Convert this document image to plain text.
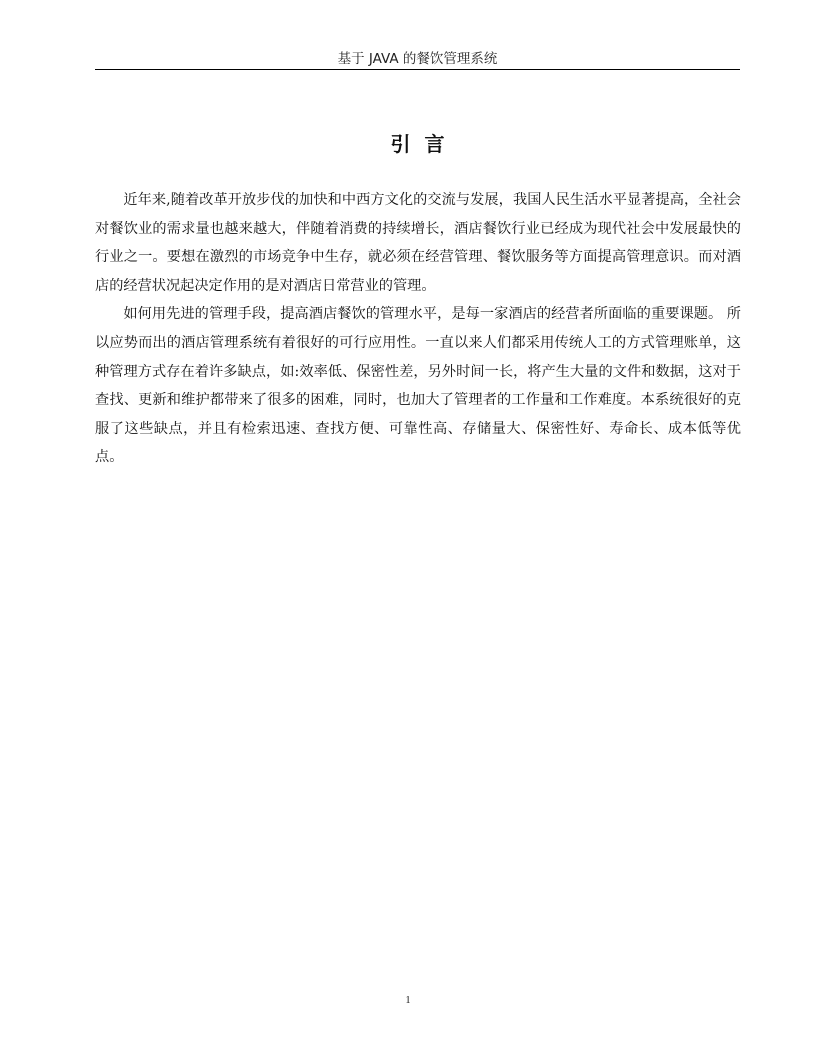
基于 JAVA 的餐饮管理系统
引言

近年来,随着改革开放步伐的加快和中西方文化的交流与发展，我国人民生活水平显著提高，全社会对餐饮业的需求量也越来越大，伴随着消费的持续增长，酒店餐饮行业已经成为现代社会中发展最快的行业之一。要想在激烈的市场竞争中生存，就必须在经营管理、餐饮服务等方面提高管理意识。而对酒店的经营状况起决定作用的是对酒店日常营业的管理。

如何用先进的管理手段，提高酒店餐饮的管理水平，是每一家酒店的经营者所面临的重要课题。 所以应势而出的酒店管理系统有着很好的可行应用性。一直以来人们都采用传统人工的方式管理账单，这种管理方式存在着许多缺点，如:效率低、保密性差，另外时间一长，将产生大量的文件和数据，这对于查找、更新和维护都带来了很多的困难，同时，也加大了管理者的工作量和工作难度。本系统很好的克服了这些缺点，并且有检索迅速、查找方便、可靠性高、存储量大、保密性好、寿命长、成本低等优点。

1
